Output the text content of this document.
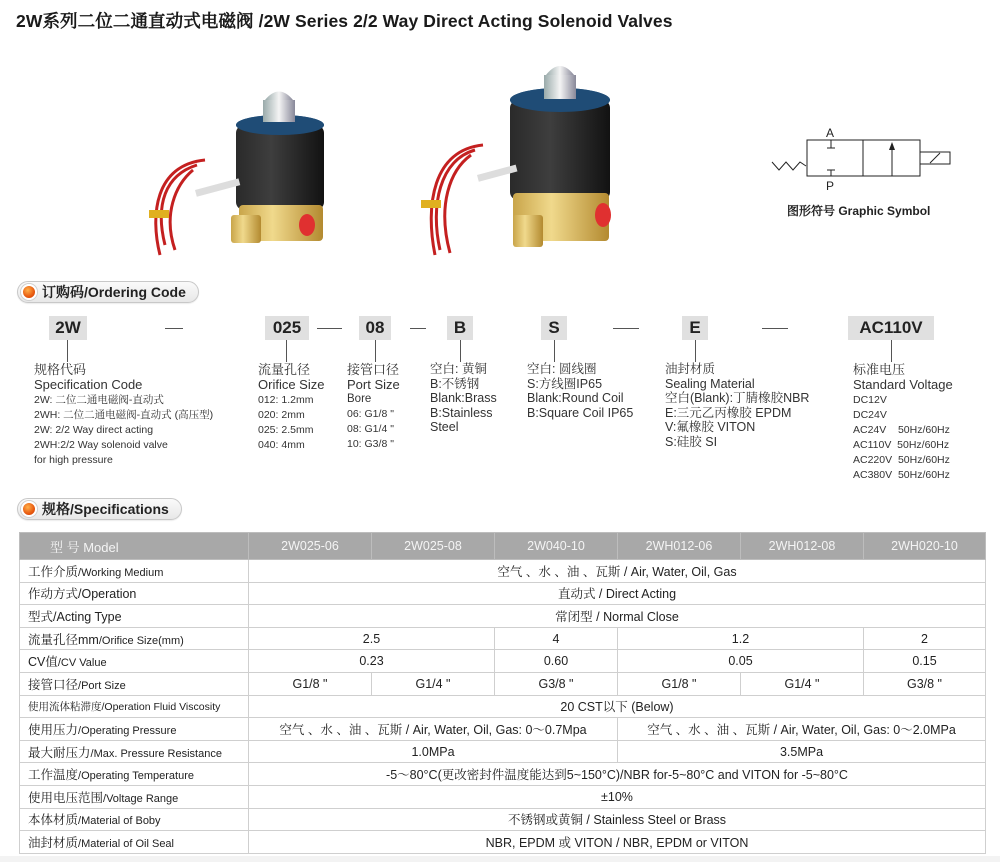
2W系列二位二通直动式电磁阀 /2W Series 2/2 Way Direct Acting Solenoid Valves
A
P
图形符号 Graphic Symbol
订购码/Ordering Code
2W	025	08	B	S	E	AC110V
规格代码
Specification Code
2W: 二位二通电磁阀-直动式
2WH: 二位二通电磁阀-直动式 (高压型)
2W: 2/2 Way direct acting
2WH:2/2 Way solenoid valve
for high pressure
流量孔径
Orifice Size
012: 1.2mm
020: 2mm
025: 2.5mm
040: 4mm
接管口径
Port Size
Bore
06: G1/8 "
08: G1/4 "
10: G3/8 "
空白: 黄铜
B:不锈钢
Blank:Brass
B:Stainless
Steel
空白: 圆线圈
S:方线圈IP65
Blank:Round Coil
B:Square Coil IP65
油封材质
Sealing Material
空白(Blank):丁腈橡胶NBR
E:三元乙丙橡胶 EPDM
V:氟橡胶 VITON
S:硅胶 SI
标准电压
Standard Voltage
DC12V
DC24V
AC24V    50Hz/60Hz
AC110V  50Hz/60Hz
AC220V  50Hz/60Hz
AC380V  50Hz/60Hz
规格/Specifications
型 号 Model	2W025-06	2W025-08	2W040-10	2WH012-06	2WH012-08	2WH020-10
工作介质/Working Medium	空气 、水 、油 、瓦斯 / Air, Water, Oil, Gas					
作动方式/Operation	直动式 / Direct Acting					
型式/Acting Type	常闭型 / Normal Close					
流量孔径mm/Orifice Size(mm)	2.5		4	1.2		2
CV值/CV Value	0.23		0.60	0.05		0.15
接管口径/Port Size	G1/8 "	G1/4 "	G3/8 "	G1/8 "	G1/4 "	G3/8 "
使用流体粘滞度/Operation Fluid Viscosity	20 CST以下 (Below)					
使用压力/Operating Pressure	空气 、水 、油 、瓦斯 / Air, Water, Oil, Gas: 0～0.7Mpa			空气 、水 、油 、瓦斯 / Air, Water, Oil, Gas: 0～2.0MPa		
最大耐压力/Max. Pressure Resistance	1.0MPa			3.5MPa		
工作温度/Operating Temperature	-5～80°C(更改密封件温度能达到5~150°C)/NBR for-5~80°C and VITON for -5~80°C					
使用电压范围/Voltage Range	±10%					
本体材质/Material of Boby	不锈钢或黄铜 / Stainless Steel or Brass					
油封材质/Material of Oil Seal	NBR, EPDM 或 VITON / NBR, EPDM or VITON					
